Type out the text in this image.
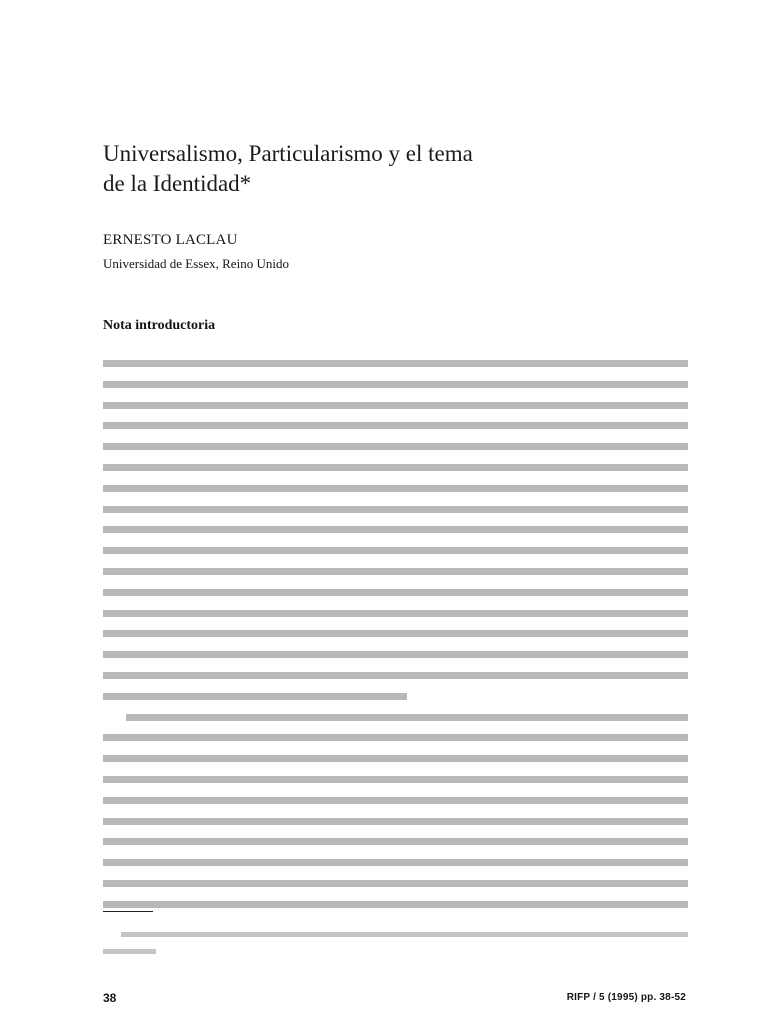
Universalismo, Particularismo y el tema
de la Identidad*
ERNESTO LACLAU
Universidad de Essex, Reino Unido
Nota introductoria
38	RIFP / 5 (1995) pp. 38-52
